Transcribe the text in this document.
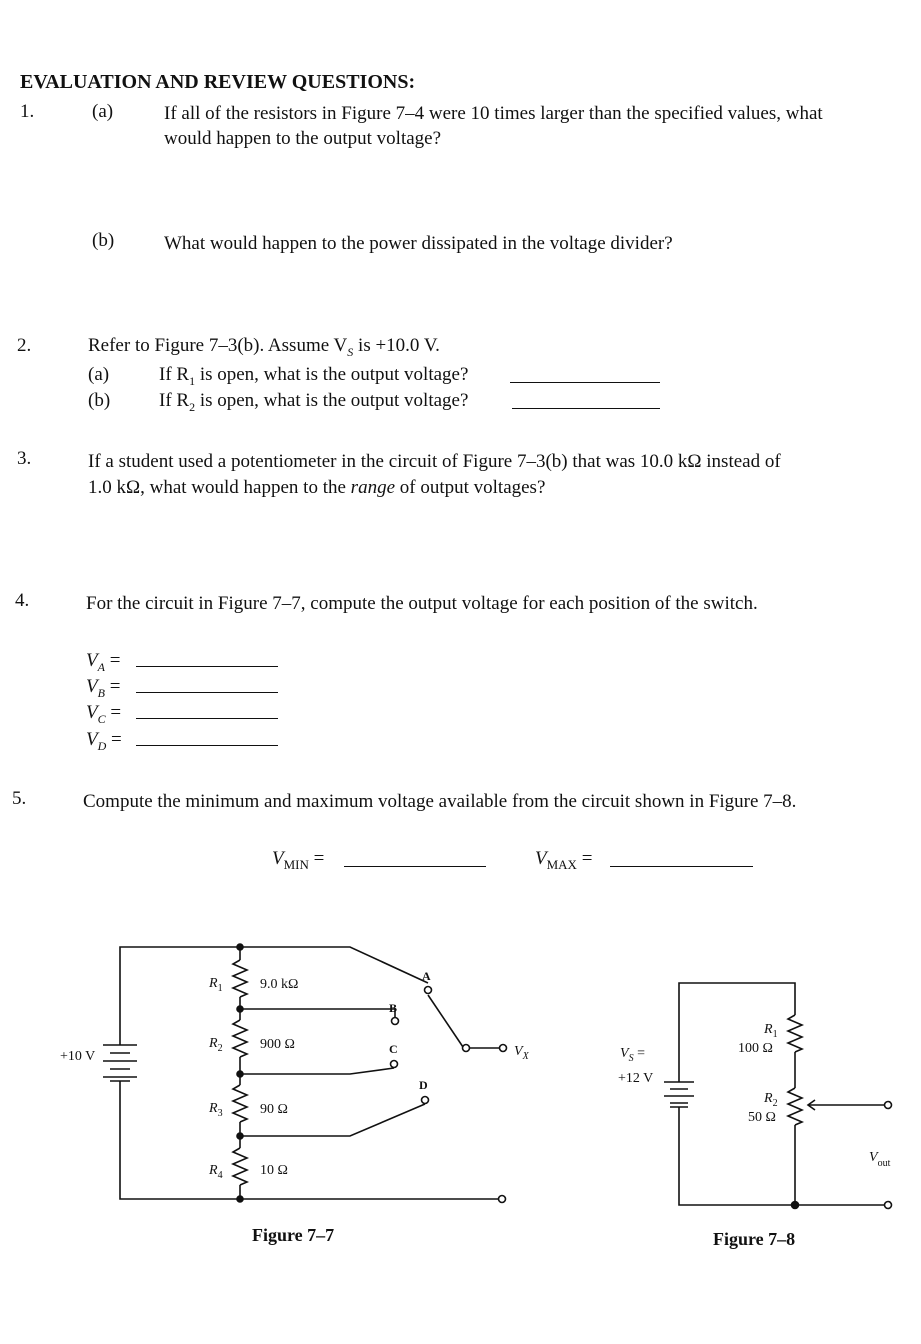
EVALUATION AND REVIEW QUESTIONS:
1.	(a)	If all of the resistors in Figure 7–4 were 10 times larger than the specified values, what
would happen to the output voltage?
(b)	What would happen to the power dissipated in the voltage divider?
2.	Refer to Figure 7–3(b). Assume $V_S$ is +10.0 V.
(a)	If $R_1$ is open, what is the output voltage?
(b)	If $R_2$ is open, what is the output voltage?
3.	If a student used a potentiometer in the circuit of Figure 7–3(b) that was 10.0 kΩ instead of
1.0 kΩ, what would happen to the range of output voltages?
4.	For the circuit in Figure 7–7, compute the output voltage for each position of the switch.
$V_A$ =
$V_B$ =
$V_C$ =
$V_D$ =
5.	Compute the minimum and maximum voltage available from the circuit shown in Figure 7–8.
$V_{MIN}$ =	$V_{MAX}$ =
+10 V
$R_1$	9.0 kΩ
$R_2$	900 Ω
$R_3$	90 Ω
$R_4$	10 Ω
A
B
C
D
$V_X$
Figure 7–7
$V_S$ =
+12 V
$R_1$
100 Ω
$R_2$
50 Ω
$V_{out}$
Figure 7–8
